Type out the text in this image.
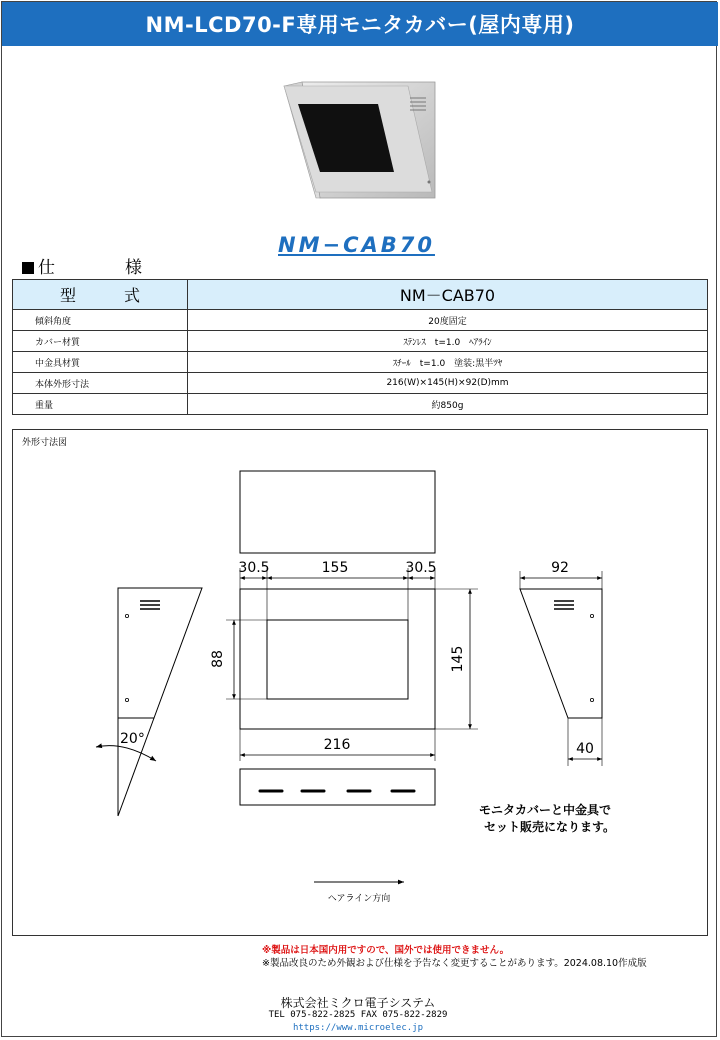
NM-LCD70-F専用モニタカバー(屋内専用)
NM−CAB70
仕	様
型　　　式	NM－CAB70
傾斜角度	20度固定
カバー材質	ｽﾃﾝﾚｽ　t=1.0　ﾍｱﾗｲﾝ
中金具材質	ｽﾁｰﾙ　t=1.0　塗装:黒半ﾂﾔ
本体外形寸法	216(W)×145(H)×92(D)mm
重量	約850g
外形寸法図
30.5	155	30.5
88	145
216
92
40
20°
モニタカバーと中金具で
セット販売になります。
ヘアライン方向
※製品は日本国内用ですので、国外では使用できません。
※製品改良のため外観および仕様を予告なく変更することがあります。2024.08.10作成版
株式会社ミクロ電子システム
TEL 075-822-2825 FAX 075-822-2829
https://www.microelec.jp
